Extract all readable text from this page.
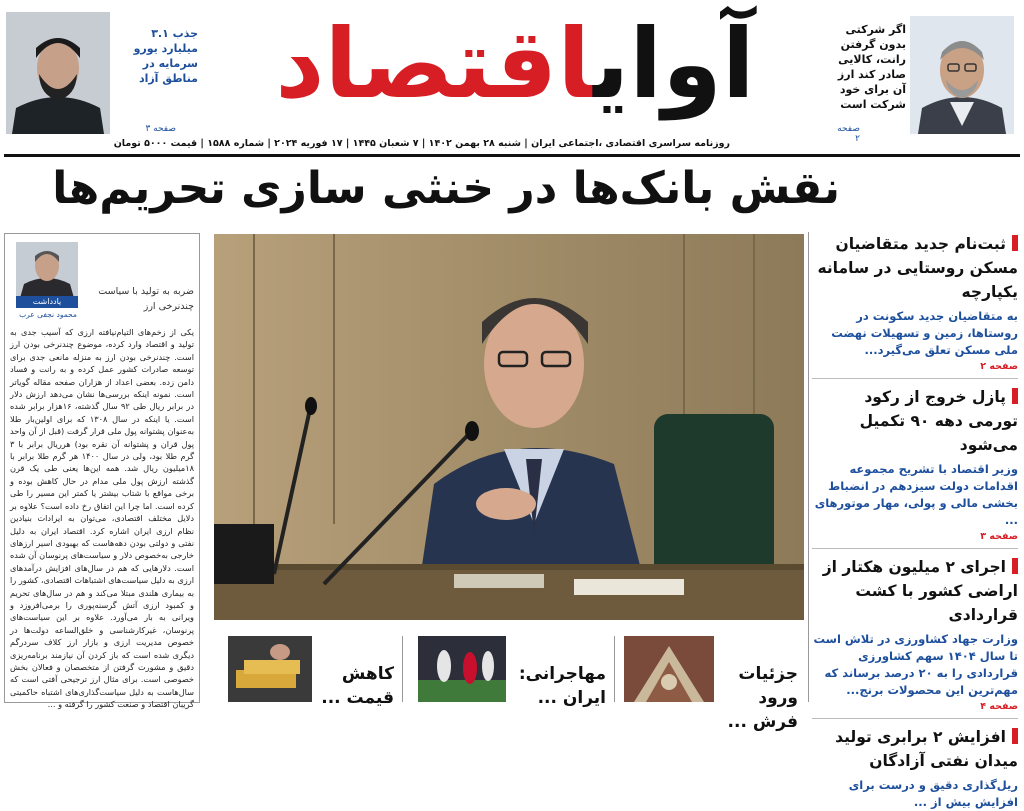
آوایاقتصاد	اگر شرکتی بدون گرفتن رانت، کالایی صادر کند ارز آن برای خود شرکت است
صفحه ۲
جذب ۳.۱ میلیارد یورو سرمایه در مناطق آزاد
صفحه ۳
روزنامه سراسری اقتصادی ،اجتماعی ایران | شنبه ۲۸ بهمن ۱۴۰۲ | ۷ شعبان ۱۴۴۵ | ۱۷ فوریه ۲۰۲۴ | شماره ۱۵۸۸ | قیمت ۵۰۰۰ تومان
نقش بانک‌ها در خنثی سازی تحریم‌ها
ثبت‌نام جدید متقاضیان مسکن روستایی در سامانه یکپارچه
به متقاضیان جدید سکونت در روستاها، زمین و تسهیلات نهضت ملی مسکن تعلق می‌گیرد...
صفحه ۲
پازل خروج از رکود تورمی دهه ۹۰ تکمیل می‌شود
وزیر اقتصاد با تشریح مجموعه اقدامات دولت سیزدهم در انضباط بخشی مالی و پولی، مهار موتورهای ...
صفحه ۳
اجرای ۲ میلیون هکتار از اراضی کشور با کشت قراردادی
وزارت جهاد کشاورزی در تلاش است تا سال ۱۴۰۴ سهم کشاورزی قراردادی را به ۲۰ درصد برساند که مهم‌ترین این محصولات برنج...
صفحه ۴
افزایش ۲ برابری تولید میدان نفتی آزادگان
ریل‌گذاری دقیق و درست برای افزایش بیش از ...
یادداشت
محمود نجفی عرب
ضربه به تولید با سیاست چندنرخی ارز
یکی از زخم‌های التیام‌نیافته ارزی که آسیب جدی به تولید و اقتصاد وارد کرده، موضوع چندنرخی بودن ارز است. چندنرخی بودن ارز به منزله مانعی جدی برای توسعه صادرات کشور عمل کرده و به رانت و فساد دامن زده. بعضی اعداد از هزاران صفحه مقاله گویاتر است. نمونه اینکه بررسی‌ها نشان می‌دهد ارزش دلار در برابر ریال طی ۹۲ سال گذشته، ۱۶هزار برابر شده است. یا اینکه در سال ۱۳۰۸ که برای اولین‌بار طلا به‌عنوان پشتوانه پول ملی قرار گرفت (قبل از آن واحد پول قران و پشتوانه آن نقره بود) هرریال برابر با ۳ گرم طلا بود، ولی در سال ۱۴۰۰ هر گرم طلا برابر با ۱۸میلیون ریال شد. همه این‌ها یعنی طی یک قرن گذشته ارزش پول ملی مدام در حال کاهش بوده و برخی مواقع با شتاب بیشتر یا کمتر این مسیر را طی کرده است. اما چرا این اتفاق رخ داده است؟ علاوه بر دلایل مختلف اقتصادی، می‌توان به ایرادات بنیادین نظام ارزی ایران اشاره کرد. اقتصاد ایران به دلیل نفتی و دولتی بودن دهه‌هاست که بهبودی اسیر ارزهای خارجی به‌خصوص دلار و سیاست‌های پرنوسان آن شده است. دلارهایی که هم در سال‌های افزایش درآمدهای ارزی به دلیل سیاست‌های اشتباهات اقتصادی، کشور را به بیماری هلندی مبتلا می‌کند و هم در سال‌های تحریم و کمبود ارزی آتش گرسنه‌پوری را برمی‌افروزد و ویرانی به بار می‌آورد. علاوه بر این سیاست‌های پرنوسان، غیرکارشناسی و خلق‌الساعه دولت‌ها در خصوص مدیریت ارزی و بازار ارز کلاف سردرگم دیگری شده است که باز کردن آن نیازمند برنامه‌ریزی دقیق و مشورت گرفتن از متخصصان و فعالان بخش خصوصی است. برای مثال ارز ترجیحی آفتی است که سال‌هاست به دلیل سیاست‌گذاری‌های اشتباه حاکمیتی گریبان اقتصاد و صنعت کشور را گرفته و ...
جزئیات ورود فرش ...
مهاجرانی: ایران ...
کاهش قیمت ...
